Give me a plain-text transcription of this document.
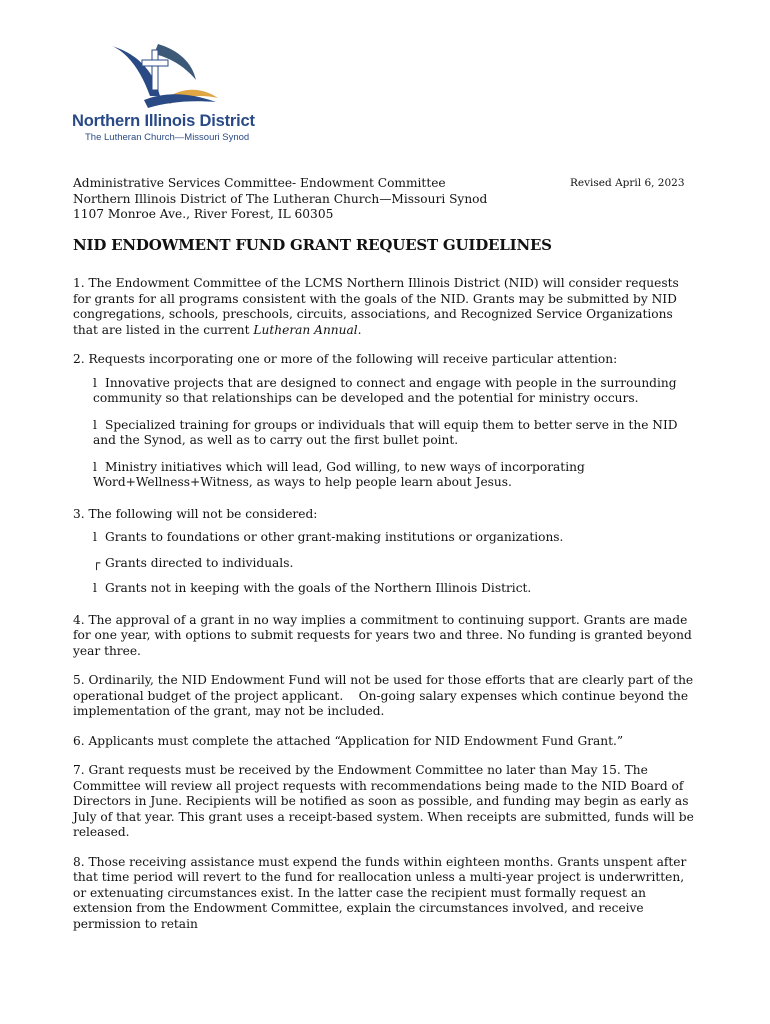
Northern Illinois District
The Lutheran Church—Missouri Synod
Administrative Services Committee- Endowment Committee
Northern Illinois District of The Lutheran Church—Missouri Synod
1107 Monroe Ave., River Forest, IL 60305
Revised April 6, 2023
NID ENDOWMENT FUND GRANT REQUEST GUIDELINES

1. The Endowment Committee of the LCMS Northern Illinois District (NID) will consider requests for grants for all programs consistent with the goals of the NID. Grants may be submitted by NID congregations, schools, preschools, circuits, associations, and Recognized Service Organizations that are listed in the current Lutheran Annual.

2. Requests incorporating one or more of the following will receive particular attention:

l Innovative projects that are designed to connect and engage with people in the surrounding community so that relationships can be developed and the potential for ministry occurs.
l Specialized training for groups or individuals that will equip them to better serve in the NID and the Synod, as well as to carry out the first bullet point.
l Ministry initiatives which will lead, God willing, to new ways of incorporating Word+Wellness+Witness, as ways to help people learn about Jesus.

3. The following will not be considered:

l Grants to foundations or other grant-making institutions or organizations.
┌ Grants directed to individuals.
l Grants not in keeping with the goals of the Northern Illinois District.

4. The approval of a grant in no way implies a commitment to continuing support. Grants are made for one year, with options to submit requests for years two and three. No funding is granted beyond year three.

5. Ordinarily, the NID Endowment Fund will not be used for those efforts that are clearly part of the operational budget of the project applicant.    On-going salary expenses which continue beyond the implementation of the grant, may not be included.

6. Applicants must complete the attached “Application for NID Endowment Fund Grant.”

7. Grant requests must be received by the Endowment Committee no later than May 15. The Committee will review all project requests with recommendations being made to the NID Board of Directors in June. Recipients will be notified as soon as possible, and funding may begin as early as July of that year. This grant uses a receipt-based system. When receipts are submitted, funds will be released.

8. Those receiving assistance must expend the funds within eighteen months. Grants unspent after that time period will revert to the fund for reallocation unless a multi-year project is underwritten, or extenuating circumstances exist. In the latter case the recipient must formally request an extension from the Endowment Committee, explain the circumstances involved, and receive permission to retain
